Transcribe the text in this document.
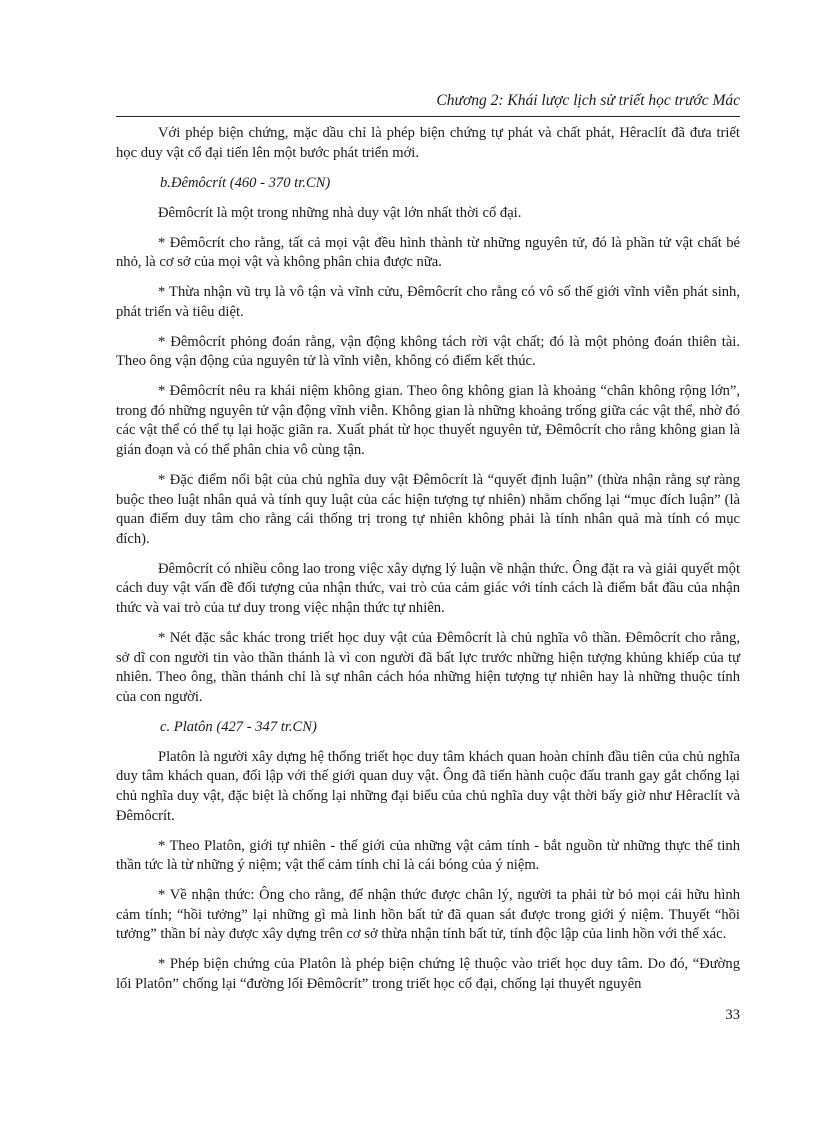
Chương 2: Khái lược lịch sử triết học trước Mác

Với phép biện chứng, mặc dầu chỉ là phép biện chứng tự phát và chất phát, Hêraclít đã đưa triết học duy vật cổ đại tiến lên một bước phát triển mới.

b.Đêmôcrít (460 - 370 tr.CN)

Đêmôcrít là một trong những nhà duy vật lớn nhất thời cổ đại.

* Đêmôcrít cho rằng, tất cả mọi vật đều hình thành từ những nguyên tử, đó là phần tử vật chất bé nhỏ, là cơ sở của mọi vật và không phân chia được nữa.

* Thừa nhận vũ trụ là vô tận và vĩnh cửu, Đêmôcrít cho rằng có vô số thế giới vĩnh viễn phát sinh, phát triển và tiêu diệt.

* Đêmôcrít phỏng đoán rằng, vận động không tách rời vật chất; đó là một phỏng đoán thiên tài. Theo ông vận động của nguyên tử là vĩnh viễn, không có điểm kết thúc.

* Đêmôcrít nêu ra khái niệm không gian. Theo ông không gian là khoảng “chân không rộng lớn”, trong đó những nguyên tử vận động vĩnh viễn. Không gian là những khoảng trống giữa các vật thể, nhờ đó các vật thể có thể tụ lại hoặc giãn ra. Xuất phát từ học thuyết nguyên tử, Đêmôcrít cho rằng không gian là gián đoạn và có thể phân chia vô cùng tận.

* Đặc điểm nổi bật của chủ nghĩa duy vật Đêmôcrít là “quyết định luận” (thừa nhận rằng sự ràng buộc theo luật nhân quả và tính quy luật của các hiện tượng tự nhiên) nhằm chống lại “mục đích luận” (là quan điểm duy tâm cho rằng cái thống trị trong tự nhiên không phải là tính nhân quả mà tính có mục đích).

Đêmôcrít có nhiều công lao trong việc xây dựng lý luận về nhận thức. Ông đặt ra và giải quyết một cách duy vật vấn đề đối tượng của nhận thức, vai trò của cảm giác với tính cách là điểm bắt đầu của nhận thức và vai trò của tư duy trong việc nhận thức tự nhiên.

* Nét đặc sắc khác trong triết học duy vật của Đêmôcrít là chủ nghĩa vô thần. Đêmôcrít cho rằng, sở dĩ con người tin vào thần thánh là vì con người đã bất lực trước những hiện tượng khủng khiếp của tự nhiên. Theo ông, thần thánh chỉ là sự nhân cách hóa những hiện tượng tự nhiên hay là những thuộc tính của con người.

c. Platôn (427 - 347 tr.CN)

Platôn là người xây dựng hệ thống triết học duy tâm khách quan hoàn chỉnh đầu tiên của chủ nghĩa duy tâm khách quan, đối lập với thế giới quan duy vật. Ông đã tiến hành cuộc đấu tranh gay gắt chống lại chủ nghĩa duy vật, đặc biệt là chống lại những đại biểu của chủ nghĩa duy vật thời bấy giờ như Hêraclít và Đêmôcrít.

* Theo Platôn, giới tự nhiên - thế giới của những vật cảm tính - bắt nguồn từ những thực thể tinh thần tức là từ những ý niệm; vật thể cảm tính chỉ là cái bóng của ý niệm.

* Về nhận thức: Ông cho rằng, để nhận thức được chân lý, người ta phải từ bỏ mọi cái hữu hình cảm tính; “hồi tưởng” lại những gì mà linh hồn bất tử đã quan sát được trong giới ý niệm. Thuyết “hồi tưởng” thần bí này được xây dựng trên cơ sở thừa nhận tính bất tử, tính độc lập của linh hồn với thể xác.

* Phép biện chứng của Platôn là phép biện chứng lệ thuộc vào triết học duy tâm. Do đó, “Đường lối Platôn” chống lại “đường lối Đêmôcrít” trong triết học cổ đại, chống lại thuyết nguyên

33
